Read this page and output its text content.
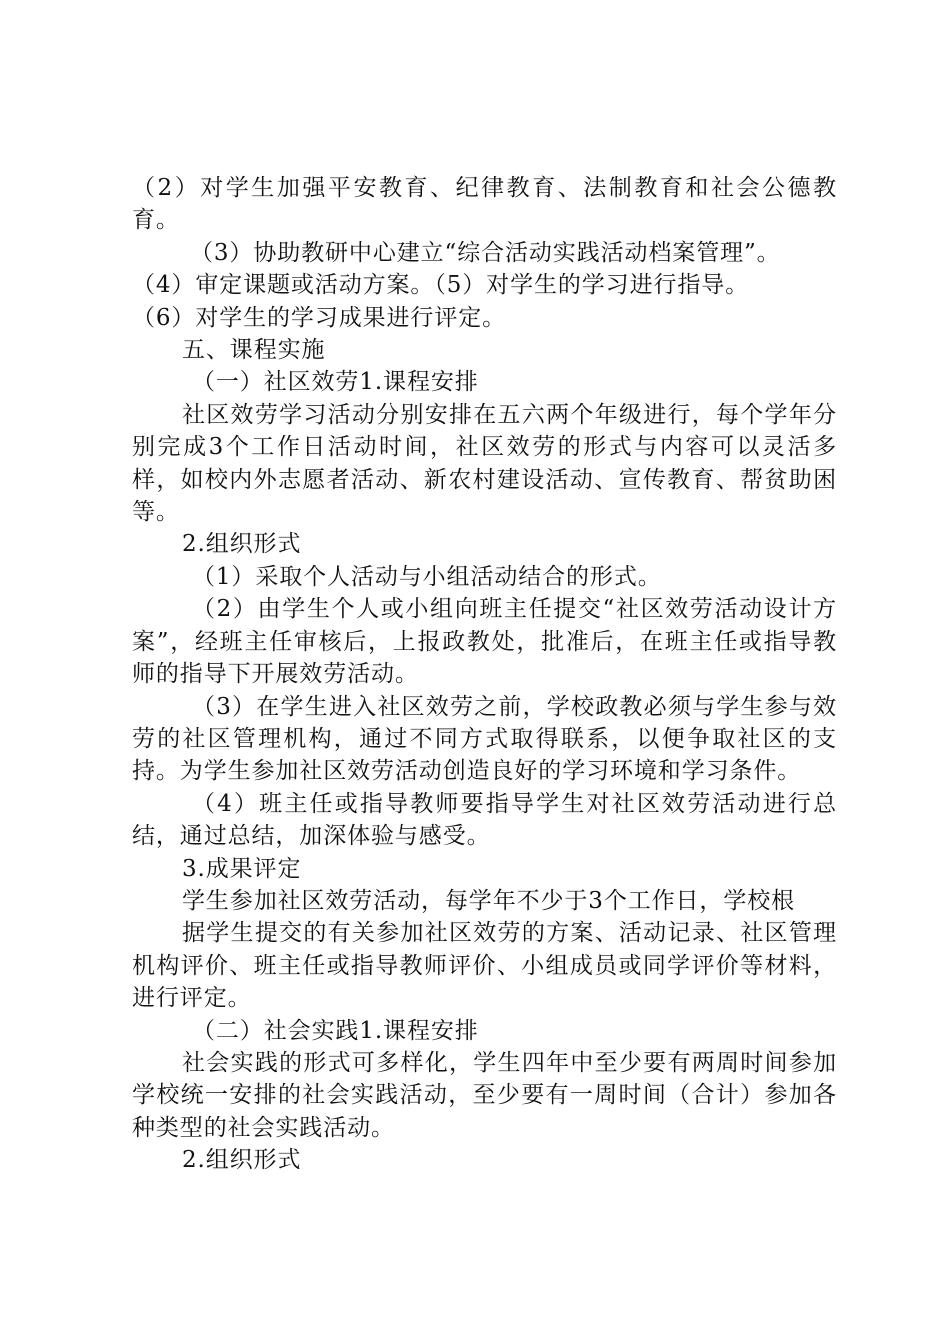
（2）对学生加强平安教育、纪律教育、法制教育和社会公德教育。

（3）协助教研中心建立“综合活动实践活动档案管理”。

（4）审定课题或活动方案。（5）对学生的学习进行指导。

（6）对学生的学习成果进行评定。

五、课程实施

（一）社区效劳1.课程安排

社区效劳学习活动分别安排在五六两个年级进行，每个学年分别完成3个工作日活动时间，社区效劳的形式与内容可以灵活多样，如校内外志愿者活动、新农村建设活动、宣传教育、帮贫助困等。

2.组织形式

（1）采取个人活动与小组活动结合的形式。

（2）由学生个人或小组向班主任提交“社区效劳活动设计方案”，经班主任审核后，上报政教处，批准后，在班主任或指导教师的指导下开展效劳活动。

（3）在学生进入社区效劳之前，学校政教必须与学生参与效劳的社区管理机构，通过不同方式取得联系，以便争取社区的支持。为学生参加社区效劳活动创造良好的学习环境和学习条件。

（4）班主任或指导教师要指导学生对社区效劳活动进行总结，通过总结，加深体验与感受。

3.成果评定

学生参加社区效劳活动，每学年不少于3个工作日，学校根

据学生提交的有关参加社区效劳的方案、活动记录、社区管理机构评价、班主任或指导教师评价、小组成员或同学评价等材料，进行评定。

（二）社会实践1.课程安排

社会实践的形式可多样化，学生四年中至少要有两周时间参加学校统一安排的社会实践活动，至少要有一周时间（合计）参加各种类型的社会实践活动。

2.组织形式
